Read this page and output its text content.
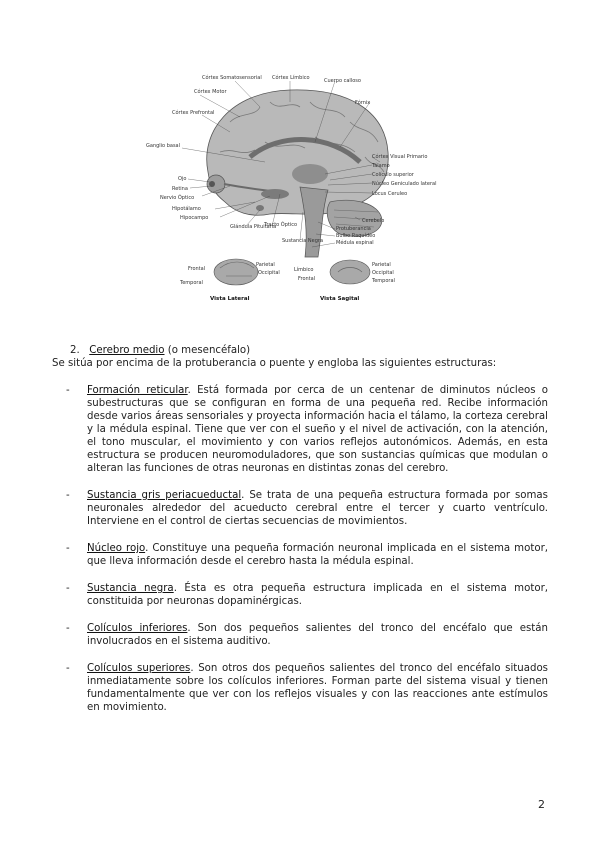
Córtex Somatosensorial Córtex Límbico	Cuerpo calloso
Córtex Motor
Córtex Prefrontal
Ganglio basal
Ojo
Retina
Nervio Óptico
Hipotálamo
Hipocampo
Glándula Pituitaria
Tracto Óptico
Sustancia Negra
Fórnix
Córtex Visual Primario
Tálamo
Colículo superior
Núcleo Geniculado lateral
Locus Ceruleo
Cerebelo
Protuberancia
Bulbo Raquídeo
Médula espinal
Frontal
Parietal
Occipital
Temporal
Vista Lateral
Límbico
Frontal
Parietal
Occipital
Temporal
Vista Sagital
2. Cerebro medio (o mesencéfalo)
Se sitúa por encima de la protuberancia o puente y engloba las siguientes estructuras:
- Formación reticular. Está formada por cerca de un centenar de diminutos núcleos o subestructuras que se configuran en forma de una pequeña red. Recibe información desde varios áreas sensoriales y proyecta información hacia el tálamo, la corteza cerebral y la médula espinal. Tiene que ver con el sueño y el nivel de activación, con la atención, el tono muscular, el movimiento y con varios reflejos autonómicos. Además, en esta estructura se producen neuromoduladores, que son sustancias químicas que modulan o alteran las funciones de otras neuronas en distintas zonas del cerebro.
- Sustancia gris periacueductal. Se trata de una pequeña estructura formada por somas neuronales alrededor del acueducto cerebral entre el tercer y cuarto ventrículo. Interviene en el control de ciertas secuencias de movimientos.
- Núcleo rojo. Constituye una pequeña formación neuronal implicada en el sistema motor, que lleva información desde el cerebro hasta la médula espinal.
- Sustancia negra. Ésta es otra pequeña estructura implicada en el sistema motor, constituida por neuronas dopaminérgicas.
- Colículos inferiores. Son dos pequeños salientes del tronco del encéfalo que están involucrados en el sistema auditivo.
- Colículos superiores. Son otros dos pequeños salientes del tronco del encéfalo situados inmediatamente sobre los colículos inferiores. Forman parte del sistema visual y tienen fundamentalmente que ver con los reflejos visuales y con las reacciones ante estímulos en movimiento.
2
